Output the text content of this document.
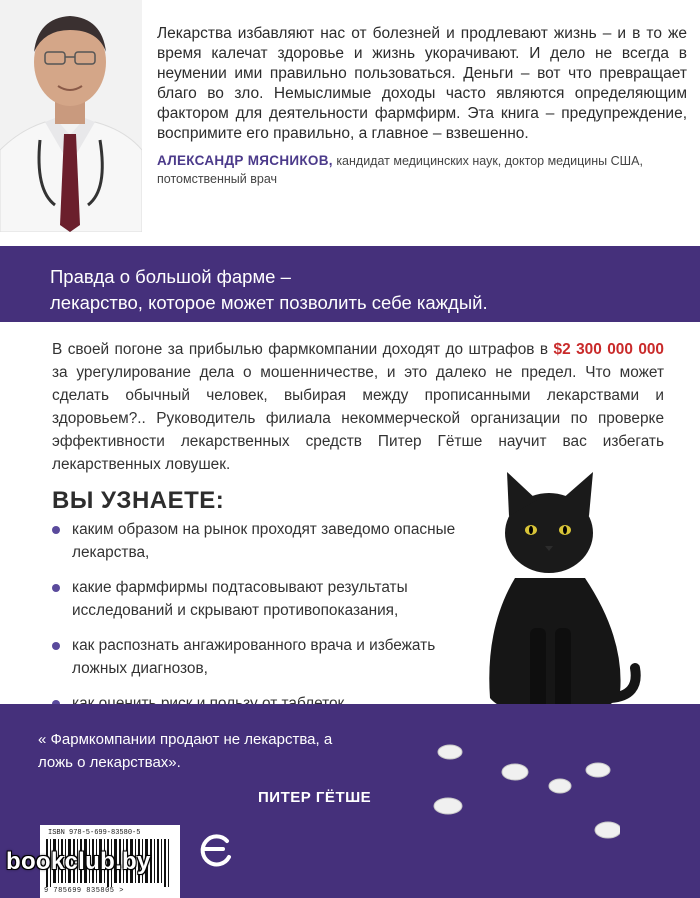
Лекарства избавляют нас от болезней и продлевают жизнь – и в то же время калечат здоровье и жизнь укорачивают. И дело не всегда в неумении ими правильно пользоваться. Деньги – вот что превращает благо во зло. Немыслимые доходы часто являются определяющим фактором для деятельности фармфирм. Эта книга – предупреждение, воспримите его правильно, а главное – взвешенно.
АЛЕКСАНДР МЯСНИКОВ, кандидат медицинских наук, доктор медицины США, потомственный врач
Правда о большой фарме –
лекарство, которое может позволить себе каждый.
В своей погоне за прибылью фармкомпании доходят до штрафов в $2 300 000 000 за урегулирование дела о мошенничестве, и это далеко не предел. Что может сделать обычный человек, выбирая между прописанными лекарствами и здоровьем?.. Руководитель филиала некоммерческой организации по проверке эффективности лекарственных средств Питер Гётше научит вас избегать лекарственных ловушек.
ВЫ УЗНАЕТЕ:
каким образом на рынок проходят заведомо опасные лекарства,
какие фармфирмы подтасовывают результаты исследований и скрывают противопоказания,
как распознать ангажированного врача и избежать ложных диагнозов,
« Фармкомпании продают не лекарства, а ложь о лекарствах».
ПИТЕР ГЁТШЕ
ISBN 978-5-699-83580-5
9 785699 835805 >
bookclub.by
